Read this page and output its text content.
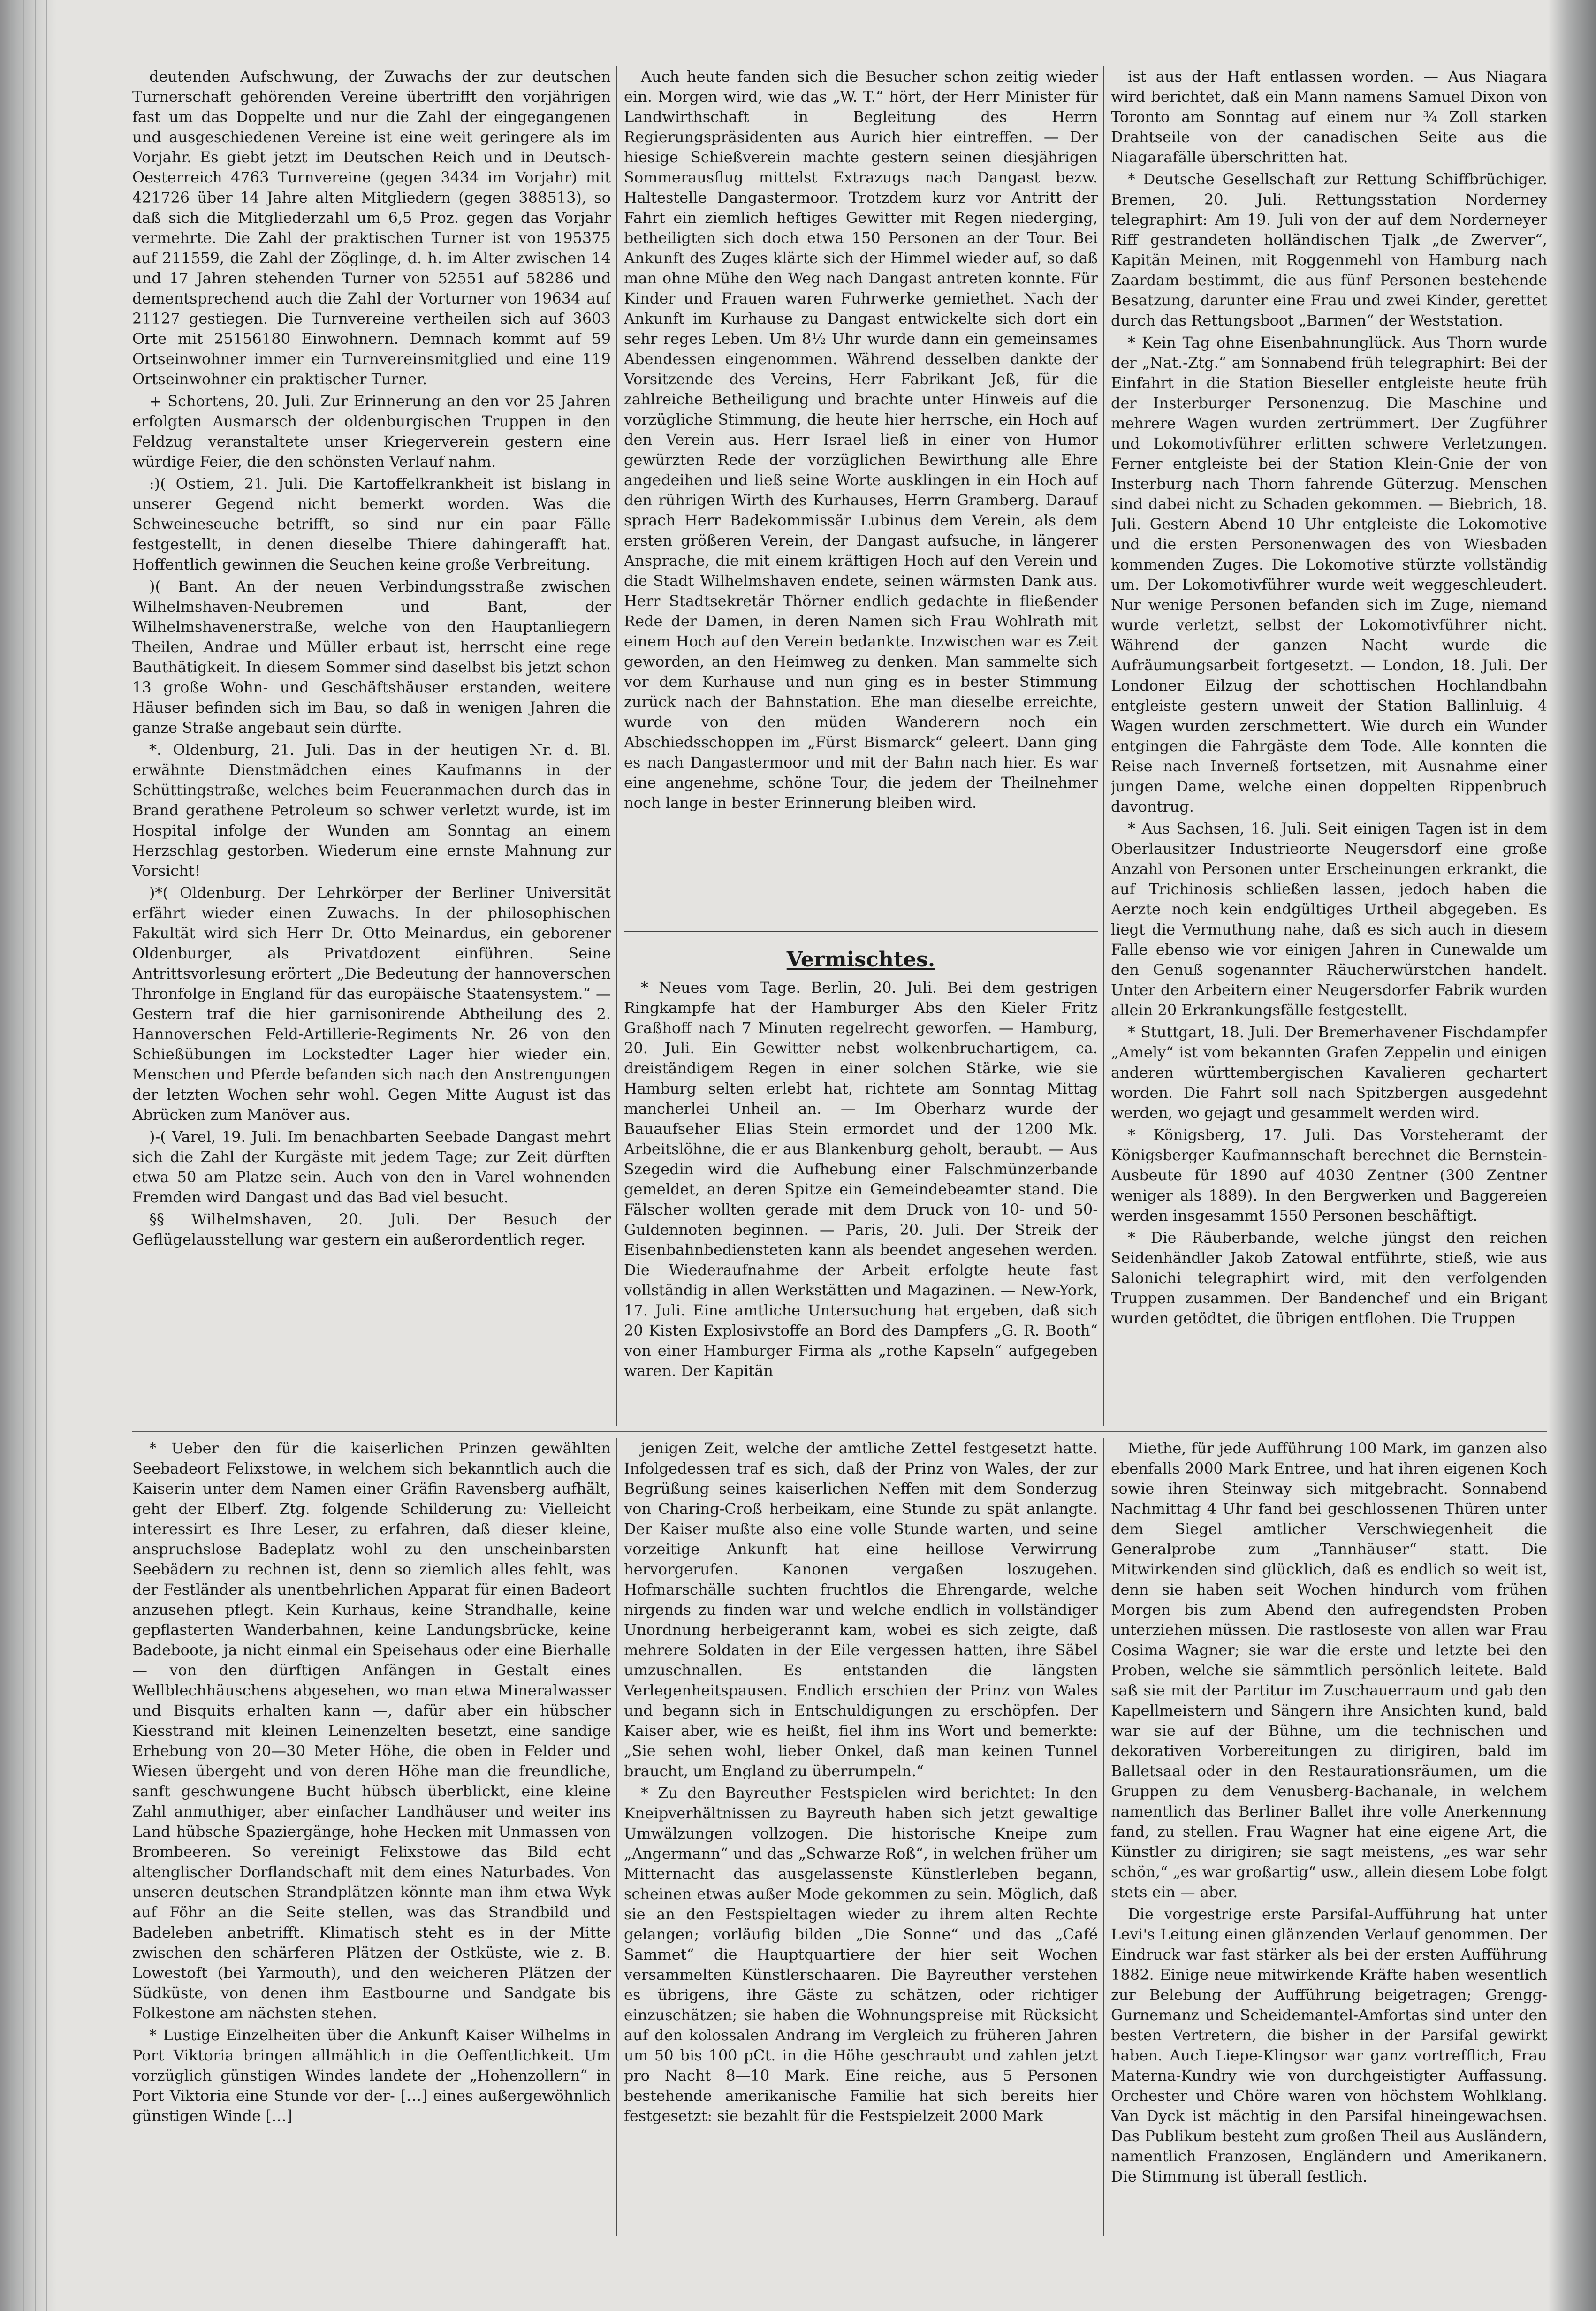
deutenden Aufschwung, der Zuwachs der zur deutschen Turnerschaft gehörenden Vereine übertrifft den vorjährigen fast um das Doppelte und nur die Zahl der eingegangenen und ausgeschiedenen Vereine ist eine weit geringere als im Vorjahr. Es giebt jetzt im Deutschen Reich und in Deutsch-Oesterreich 4763 Turnvereine (gegen 3434 im Vorjahr) mit 421726 über 14 Jahre alten Mitgliedern (gegen 388513), so daß sich die Mitgliederzahl um 6,5 Proz. gegen das Vorjahr vermehrte. Die Zahl der praktischen Turner ist von 195375 auf 211559, die Zahl der Zöglinge, d. h. im Alter zwischen 14 und 17 Jahren stehenden Turner von 52551 auf 58286 und dementsprechend auch die Zahl der Vorturner von 19634 auf 21127 gestiegen. Die Turnvereine vertheilen sich auf 3603 Orte mit 25156180 Einwohnern. Demnach kommt auf 59 Ortseinwohner immer ein Turnvereinsmitglied und eine 119 Ortseinwohner ein praktischer Turner.

+ Schortens, 20. Juli. Zur Erinnerung an den vor 25 Jahren erfolgten Ausmarsch der oldenburgischen Truppen in den Feldzug veranstaltete unser Kriegerverein gestern eine würdige Feier, die den schönsten Verlauf nahm.

:)( Ostiem, 21. Juli. Die Kartoffelkrankheit ist bislang in unserer Gegend nicht bemerkt worden. Was die Schweineseuche betrifft, so sind nur ein paar Fälle festgestellt, in denen dieselbe Thiere dahingerafft hat. Hoffentlich gewinnen die Seuchen keine große Verbreitung.

)( Bant. An der neuen Verbindungsstraße zwischen Wilhelmshaven-Neubremen und Bant, der Wilhelmshavenerstraße, welche von den Hauptanliegern Theilen, Andrae und Müller erbaut ist, herrscht eine rege Bauthätigkeit. In diesem Sommer sind daselbst bis jetzt schon 13 große Wohn- und Geschäftshäuser erstanden, weitere Häuser befinden sich im Bau, so daß in wenigen Jahren die ganze Straße angebaut sein dürfte.

*. Oldenburg, 21. Juli. Das in der heutigen Nr. d. Bl. erwähnte Dienstmädchen eines Kaufmanns in der Schüttingstraße, welches beim Feueranmachen durch das in Brand gerathene Petroleum so schwer verletzt wurde, ist im Hospital infolge der Wunden am Sonntag an einem Herzschlag gestorben. Wiederum eine ernste Mahnung zur Vorsicht!

)*( Oldenburg. Der Lehrkörper der Berliner Universität erfährt wieder einen Zuwachs. In der philosophischen Fakultät wird sich Herr Dr. Otto Meinardus, ein geborener Oldenburger, als Privatdozent einführen. Seine Antrittsvorlesung erörtert „Die Bedeutung der hannoverschen Thronfolge in England für das europäische Staatensystem.“ — Gestern traf die hier garnisonirende Abtheilung des 2. Hannoverschen Feld-Artillerie-Regiments Nr. 26 von den Schießübungen im Lockstedter Lager hier wieder ein. Menschen und Pferde befanden sich nach den Anstrengungen der letzten Wochen sehr wohl. Gegen Mitte August ist das Abrücken zum Manöver aus.

)-( Varel, 19. Juli. Im benachbarten Seebade Dangast mehrt sich die Zahl der Kurgäste mit jedem Tage; zur Zeit dürften etwa 50 am Platze sein. Auch von den in Varel wohnenden Fremden wird Dangast und das Bad viel besucht.

§§ Wilhelmshaven, 20. Juli. Der Besuch der Geflügelausstellung war gestern ein außerordentlich reger.

Auch heute fanden sich die Besucher schon zeitig wieder ein. Morgen wird, wie das „W. T.“ hört, der Herr Minister für Landwirthschaft in Begleitung des Herrn Regierungspräsidenten aus Aurich hier eintreffen. — Der hiesige Schießverein machte gestern seinen diesjährigen Sommerausflug mittelst Extrazugs nach Dangast bezw. Haltestelle Dangastermoor. Trotzdem kurz vor Antritt der Fahrt ein ziemlich heftiges Gewitter mit Regen niederging, betheiligten sich doch etwa 150 Personen an der Tour. Bei Ankunft des Zuges klärte sich der Himmel wieder auf, so daß man ohne Mühe den Weg nach Dangast antreten konnte. Für Kinder und Frauen waren Fuhrwerke gemiethet. Nach der Ankunft im Kurhause zu Dangast entwickelte sich dort ein sehr reges Leben. Um 8½ Uhr wurde dann ein gemeinsames Abendessen eingenommen. Während desselben dankte der Vorsitzende des Vereins, Herr Fabrikant Jeß, für die zahlreiche Betheiligung und brachte unter Hinweis auf die vorzügliche Stimmung, die heute hier herrsche, ein Hoch auf den Verein aus. Herr Israel ließ in einer von Humor gewürzten Rede der vorzüglichen Bewirthung alle Ehre angedeihen und ließ seine Worte ausklingen in ein Hoch auf den rührigen Wirth des Kurhauses, Herrn Gramberg. Darauf sprach Herr Badekommissär Lubinus dem Verein, als dem ersten größeren Verein, der Dangast aufsuche, in längerer Ansprache, die mit einem kräftigen Hoch auf den Verein und die Stadt Wilhelmshaven endete, seinen wärmsten Dank aus. Herr Stadtsekretär Thörner endlich gedachte in fließender Rede der Damen, in deren Namen sich Frau Wohlrath mit einem Hoch auf den Verein bedankte. Inzwischen war es Zeit geworden, an den Heimweg zu denken. Man sammelte sich vor dem Kurhause und nun ging es in bester Stimmung zurück nach der Bahnstation. Ehe man dieselbe erreichte, wurde von den müden Wanderern noch ein Abschiedsschoppen im „Fürst Bismarck“ geleert. Dann ging es nach Dangastermoor und mit der Bahn nach hier. Es war eine angenehme, schöne Tour, die jedem der Theilnehmer noch lange in bester Erinnerung bleiben wird.

Vermischtes.

* Neues vom Tage. Berlin, 20. Juli. Bei dem gestrigen Ringkampfe hat der Hamburger Abs den Kieler Fritz Graßhoff nach 7 Minuten regelrecht geworfen. — Hamburg, 20. Juli. Ein Gewitter nebst wolkenbruchartigem, ca. dreiständigem Regen in einer solchen Stärke, wie sie Hamburg selten erlebt hat, richtete am Sonntag Mittag mancherlei Unheil an. — Im Oberharz wurde der Bauaufseher Elias Stein ermordet und der 1200 Mk. Arbeitslöhne, die er aus Blankenburg geholt, beraubt. — Aus Szegedin wird die Aufhebung einer Falschmünzerbande gemeldet, an deren Spitze ein Gemeindebeamter stand. Die Fälscher wollten gerade mit dem Druck von 10- und 50-Guldennoten beginnen. — Paris, 20. Juli. Der Streik der Eisenbahnbediensteten kann als beendet angesehen werden. Die Wiederaufnahme der Arbeit erfolgte heute fast vollständig in allen Werkstätten und Magazinen. — New-York, 17. Juli. Eine amtliche Untersuchung hat ergeben, daß sich 20 Kisten Explosivstoffe an Bord des Dampfers „G. R. Booth“ von einer Hamburger Firma als „rothe Kapseln“ aufgegeben waren. Der Kapitän

ist aus der Haft entlassen worden. — Aus Niagara wird berichtet, daß ein Mann namens Samuel Dixon von Toronto am Sonntag auf einem nur ¾ Zoll starken Drahtseile von der canadischen Seite aus die Niagarafälle überschritten hat.

* Deutsche Gesellschaft zur Rettung Schiffbrüchiger. Bremen, 20. Juli. Rettungsstation Norderney telegraphirt: Am 19. Juli von der auf dem Norderneyer Riff gestrandeten holländischen Tjalk „de Zwerver“, Kapitän Meinen, mit Roggenmehl von Hamburg nach Zaardam bestimmt, die aus fünf Personen bestehende Besatzung, darunter eine Frau und zwei Kinder, gerettet durch das Rettungsboot „Barmen“ der Weststation.

* Kein Tag ohne Eisenbahnunglück. Aus Thorn wurde der „Nat.-Ztg.“ am Sonnabend früh telegraphirt: Bei der Einfahrt in die Station Bieseller entgleiste heute früh der Insterburger Personenzug. Die Maschine und mehrere Wagen wurden zertrümmert. Der Zugführer und Lokomotivführer erlitten schwere Verletzungen. Ferner entgleiste bei der Station Klein-Gnie der von Insterburg nach Thorn fahrende Güterzug. Menschen sind dabei nicht zu Schaden gekommen. — Biebrich, 18. Juli. Gestern Abend 10 Uhr entgleiste die Lokomotive und die ersten Personenwagen des von Wiesbaden kommenden Zuges. Die Lokomotive stürzte vollständig um. Der Lokomotivführer wurde weit weggeschleudert. Nur wenige Personen befanden sich im Zuge, niemand wurde verletzt, selbst der Lokomotivführer nicht. Während der ganzen Nacht wurde die Aufräumungsarbeit fortgesetzt. — London, 18. Juli. Der Londoner Eilzug der schottischen Hochlandbahn entgleiste gestern unweit der Station Ballinluig. 4 Wagen wurden zerschmettert. Wie durch ein Wunder entgingen die Fahrgäste dem Tode. Alle konnten die Reise nach Inverneß fortsetzen, mit Ausnahme einer jungen Dame, welche einen doppelten Rippenbruch davontrug.

* Aus Sachsen, 16. Juli. Seit einigen Tagen ist in dem Oberlausitzer Industrieorte Neugersdorf eine große Anzahl von Personen unter Erscheinungen erkrankt, die auf Trichinosis schließen lassen, jedoch haben die Aerzte noch kein endgültiges Urtheil abgegeben. Es liegt die Vermuthung nahe, daß es sich auch in diesem Falle ebenso wie vor einigen Jahren in Cunewalde um den Genuß sogenannter Räucherwürstchen handelt. Unter den Arbeitern einer Neugersdorfer Fabrik wurden allein 20 Erkrankungsfälle festgestellt.

* Stuttgart, 18. Juli. Der Bremerhavener Fischdampfer „Amely“ ist vom bekannten Grafen Zeppelin und einigen anderen württembergischen Kavalieren gechartert worden. Die Fahrt soll nach Spitzbergen ausgedehnt werden, wo gejagt und gesammelt werden wird.

* Königsberg, 17. Juli. Das Vorsteheramt der Königsberger Kaufmannschaft berechnet die Bernstein-Ausbeute für 1890 auf 4030 Zentner (300 Zentner weniger als 1889). In den Bergwerken und Baggereien werden insgesammt 1550 Personen beschäftigt.

* Die Räuberbande, welche jüngst den reichen Seidenhändler Jakob Zatowal entführte, stieß, wie aus Salonichi telegraphirt wird, mit den verfolgenden Truppen zusammen. Der Bandenchef und ein Brigant wurden getödtet, die übrigen entflohen. Die Truppen

* Ueber den für die kaiserlichen Prinzen gewählten Seebadeort Felixstowe, in welchem sich bekanntlich auch die Kaiserin unter dem Namen einer Gräfin Ravensberg aufhält, geht der Elberf. Ztg. folgende Schilderung zu: Vielleicht interessirt es Ihre Leser, zu erfahren, daß dieser kleine, anspruchslose Badeplatz wohl zu den unscheinbarsten Seebädern zu rechnen ist, denn so ziemlich alles fehlt, was der Festländer als unentbehrlichen Apparat für einen Badeort anzusehen pflegt. Kein Kurhaus, keine Strandhalle, keine gepflasterten Wanderbahnen, keine Landungsbrücke, keine Badeboote, ja nicht einmal ein Speisehaus oder eine Bierhalle — von den dürftigen Anfängen in Gestalt eines Wellblechhäuschens abgesehen, wo man etwa Mineralwasser und Bisquits erhalten kann —, dafür aber ein hübscher Kiesstrand mit kleinen Leinenzelten besetzt, eine sandige Erhebung von 20—30 Meter Höhe, die oben in Felder und Wiesen übergeht und von deren Höhe man die freundliche, sanft geschwungene Bucht hübsch überblickt, eine kleine Zahl anmuthiger, aber einfacher Landhäuser und weiter ins Land hübsche Spaziergänge, hohe Hecken mit Unmassen von Brombeeren. So vereinigt Felixstowe das Bild echt altenglischer Dorflandschaft mit dem eines Naturbades. Von unseren deutschen Strandplätzen könnte man ihm etwa Wyk auf Föhr an die Seite stellen, was das Strandbild und Badeleben anbetrifft. Klimatisch steht es in der Mitte zwischen den schärferen Plätzen der Ostküste, wie z. B. Lowestoft (bei Yarmouth), und den weicheren Plätzen der Südküste, von denen ihm Eastbourne und Sandgate bis Folkestone am nächsten stehen.

* Lustige Einzelheiten über die Ankunft Kaiser Wilhelms in Port Viktoria bringen allmählich in die Oeffentlichkeit. Um vorzüglich günstigen Windes landete der „Hohenzollern“ in Port Viktoria eine Stunde vor der- […] eines außergewöhnlich günstigen Winde […]

jenigen Zeit, welche der amtliche Zettel festgesetzt hatte. Infolgedessen traf es sich, daß der Prinz von Wales, der zur Begrüßung seines kaiserlichen Neffen mit dem Sonderzug von Charing-Croß herbeikam, eine Stunde zu spät anlangte. Der Kaiser mußte also eine volle Stunde warten, und seine vorzeitige Ankunft hat eine heillose Verwirrung hervorgerufen. Kanonen vergaßen loszugehen. Hofmarschälle suchten fruchtlos die Ehrengarde, welche nirgends zu finden war und welche endlich in vollständiger Unordnung herbeigerannt kam, wobei es sich zeigte, daß mehrere Soldaten in der Eile vergessen hatten, ihre Säbel umzuschnallen. Es entstanden die längsten Verlegenheitspausen. Endlich erschien der Prinz von Wales und begann sich in Entschuldigungen zu erschöpfen. Der Kaiser aber, wie es heißt, fiel ihm ins Wort und bemerkte: „Sie sehen wohl, lieber Onkel, daß man keinen Tunnel braucht, um England zu überrumpeln.“

* Zu den Bayreuther Festspielen wird berichtet: In den Kneipverhältnissen zu Bayreuth haben sich jetzt gewaltige Umwälzungen vollzogen. Die historische Kneipe zum „Angermann“ und das „Schwarze Roß“, in welchen früher um Mitternacht das ausgelassenste Künstlerleben begann, scheinen etwas außer Mode gekommen zu sein. Möglich, daß sie an den Festspieltagen wieder zu ihrem alten Rechte gelangen; vorläufig bilden „Die Sonne“ und das „Café Sammet“ die Hauptquartiere der hier seit Wochen versammelten Künstlerschaaren. Die Bayreuther verstehen es übrigens, ihre Gäste zu schätzen, oder richtiger einzuschätzen; sie haben die Wohnungspreise mit Rücksicht auf den kolossalen Andrang im Vergleich zu früheren Jahren um 50 bis 100 pCt. in die Höhe geschraubt und zahlen jetzt pro Nacht 8—10 Mark. Eine reiche, aus 5 Personen bestehende amerikanische Familie hat sich bereits hier festgesetzt: sie bezahlt für die Festspielzeit 2000 Mark

Miethe, für jede Aufführung 100 Mark, im ganzen also ebenfalls 2000 Mark Entree, und hat ihren eigenen Koch sowie ihren Steinway sich mitgebracht. Sonnabend Nachmittag 4 Uhr fand bei geschlossenen Thüren unter dem Siegel amtlicher Verschwiegenheit die Generalprobe zum „Tannhäuser“ statt. Die Mitwirkenden sind glücklich, daß es endlich so weit ist, denn sie haben seit Wochen hindurch vom frühen Morgen bis zum Abend den aufregendsten Proben unterziehen müssen. Die rastloseste von allen war Frau Cosima Wagner; sie war die erste und letzte bei den Proben, welche sie sämmtlich persönlich leitete. Bald saß sie mit der Partitur im Zuschauerraum und gab den Kapellmeistern und Sängern ihre Ansichten kund, bald war sie auf der Bühne, um die technischen und dekorativen Vorbereitungen zu dirigiren, bald im Balletsaal oder in den Restaurationsräumen, um die Gruppen zu dem Venusberg-Bachanale, in welchem namentlich das Berliner Ballet ihre volle Anerkennung fand, zu stellen. Frau Wagner hat eine eigene Art, die Künstler zu dirigiren; sie sagt meistens, „es war sehr schön,“ „es war großartig“ usw., allein diesem Lobe folgt stets ein — aber.

Die vorgestrige erste Parsifal-Aufführung hat unter Levi's Leitung einen glänzenden Verlauf genommen. Der Eindruck war fast stärker als bei der ersten Aufführung 1882. Einige neue mitwirkende Kräfte haben wesentlich zur Belebung der Aufführung beigetragen; Grengg-Gurnemanz und Scheidemantel-Amfortas sind unter den besten Vertretern, die bisher in der Parsifal gewirkt haben. Auch Liepe-Klingsor war ganz vortrefflich, Frau Materna-Kundry wie von durchgeistigter Auffassung. Orchester und Chöre waren von höchstem Wohlklang. Van Dyck ist mächtig in den Parsifal hineingewachsen. Das Publikum besteht zum großen Theil aus Ausländern, namentlich Franzosen, Engländern und Amerikanern. Die Stimmung ist überall festlich.
